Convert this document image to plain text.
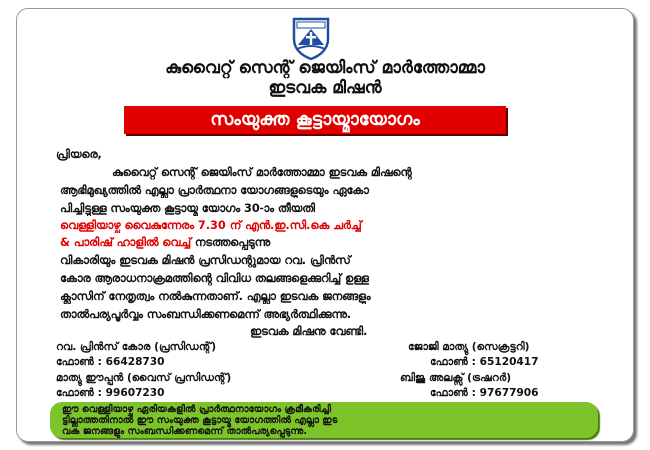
കുവൈറ്റ് സെന്റ് ജെയിംസ് മാർത്തോമ്മാ
ഇടവക മിഷൻ
സംയുക്ത കൂട്ടായ്മായോഗം
പ്രിയരെ,
കുവൈറ്റ് സെന്റ് ജെയിംസ് മാർത്തോമ്മാ ഇടവക മിഷന്റെ
ആഭിമുഖ്യത്തിൽ എല്ലാ പ്രാർത്ഥനാ യോഗങ്ങളുടെയും ഏകോ
പിച്ചിട്ടുള്ള സംയുക്ത കൂട്ടായ്മ യോഗം 30-ാം തീയതി
വെള്ളിയാഴ്ച വൈകുന്നേരം 7.30 ന് എൻ.ഇ.സി.കെ ചർച്ച്
& പാരിഷ് ഹാളിൽ വെച്ച് നടത്തപ്പെടുന്നു
വികാരിയും ഇടവക മിഷൻ പ്രസിഡന്റുമായ റവ. പ്രിൻസ്
കോര ആരാധനാക്രമത്തിന്റെ വിവിധ തലങ്ങളെക്കുറിച്ച് ഉള്ള
ക്ലാസിന് നേതൃത്വം നൽകുന്നതാണ്. എല്ലാ ഇടവക ജനങ്ങളും
താൽപര്യപൂർവ്വം സംബന്ധിക്കണമെന്ന് അഭ്യർത്ഥിക്കുന്നു.
ഇടവക മിഷനു വേണ്ടി.
റവ. പ്രിൻസ് കോര (പ്രസിഡന്റ്)
ഫോൺ : 66428730
ജോജി മാത്യു (സെക്രട്ടറി)
ഫോൺ : 65120417
ഈ വെള്ളിയാഴ്ച ഏരിയകളിൽ പ്രാർത്ഥനായോഗം ക്രമീകരിച്ചി
ട്ടില്ലാത്തതിനാൽ ഈ സംയുക്ത കൂട്ടായ്മ യോഗത്തിൽ എല്ലാ ഇട
വക ജനങ്ങളും സംബന്ധിക്കണമെന്ന് താൽപര്യപ്പെടുന്നു.
മാത്യു ഈപ്പൻ (വൈസ് പ്രസിഡന്റ്)
ഫോൺ : 99607230
ബിജു അലക്സ് (ട്രഷറർ)
ഫോൺ : 97677906
